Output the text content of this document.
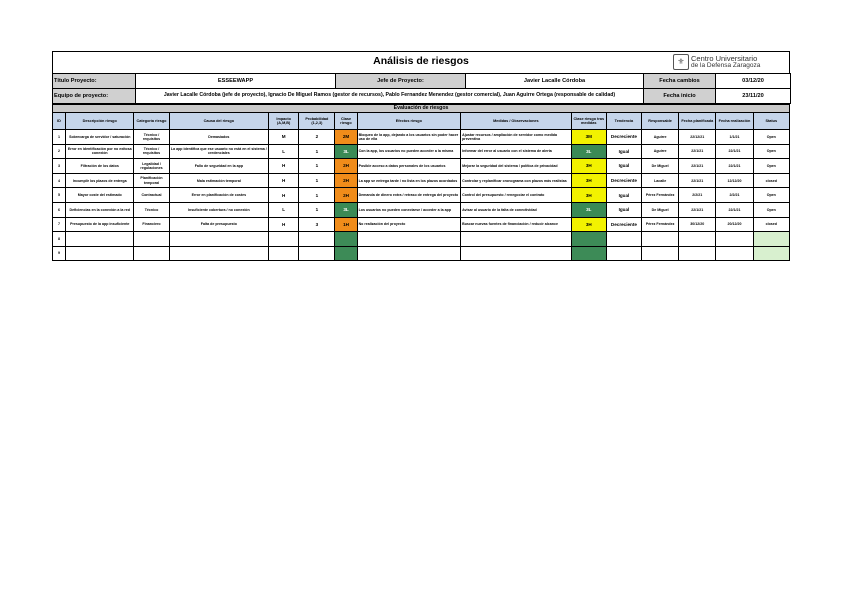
Análisis de riesgos	⚜ Centro Universitario
de la Defensa Zaragoza
Título Proyecto:	ESSEEWAPP	Jefe de Proyecto:	Javier Lacalle Córdoba	Fecha cambios	03/12/20
Equipo de proyecto:	Javier Lacalle Córdoba (jefe de proyecto), Ignacio De Miguel Ramos (gestor de recursos), Pablo Fernandez Menendez (gestor comercial), Juan Aguirre Ortega (responsable de calidad)			Fecha inicio	23/11/20
Evaluación de riesgos														
ID	Descripción riesgo	Categoría riesgo	Causa del riesgo	Impacto (A,M,B)	Probabilidad (1,2,3)	Clase riesgo	Efectos riesgo	Medidas / Observaciones	Clase riesgo tras medidas	Tendencia	Responsable	Fecha planificada	Fecha realización	Status
1	Sobrecarga de servidor / saturación	Técnico / requisitos	Demasiados	M	2	2M	Bloqueo de la app, dejando a los usuarios sin poder hacer uso de ella	Ajustar recursos / ampliación de servidor como medida preventiva	3M	Decreciente	Aguirre	22/12/21	1/1/21	Open
2	Error en identificación por no exitosa conexión	Técnico / requisitos	La app identifica que ese usuario no está en el sistema / credenciales	L	1	3L	Con la app, los usuarios no pueden acceder a la misma	Informar del error al usuario con el sistema de alerta	3L	Igual	Aguirre	22/1/21	22/1/21	Open
3	Filtración de los datos	Legalidad / regulaciones	Fallo de seguridad en la app	H	1	2H	Posible acceso a datos personales de los usuarios	Mejorar la seguridad del sistema / política de privacidad	3H	Igual	De Miguel	22/1/21	22/1/21	Open
4	Incumplir los plazos de entrega	Planificación temporal	Mala estimación temporal	H	1	2H	La app se entrega tarde / no lista en los plazos acordados	Controlar y replanificar cronograma con plazos más realistas	3H	Decreciente	Lacalle	22/1/21	12/12/20	closed
5	Mayor coste del estimado	Contractual	Error en planificación de costes	H	1	2H	Demanda de dinero extra / retraso de entrega del proyecto	Control del presupuesto / renegociar el contrato	3H	Igual	Pérez Fernández	2/2/21	2/2/21	Open
6	Deficiencias en la conexión a la red	Técnico	Insuficiente cobertura / no conexión	L	1	3L	Los usuarios no pueden conectarse / acceder a la app	Avisar al usuario de la falta de conectividad	3L	Igual	De Miguel	22/1/21	22/1/21	Open
7	Presupuesto de la app insuficiente	Financiero	Falta de presupuesto	H	3	1H	No realización del proyecto	Buscar nuevas fuentes de financiación / reducir alcance	3H	Decreciente	Pérez Fernández	30/12/20	20/12/20	closed
8														
9														
